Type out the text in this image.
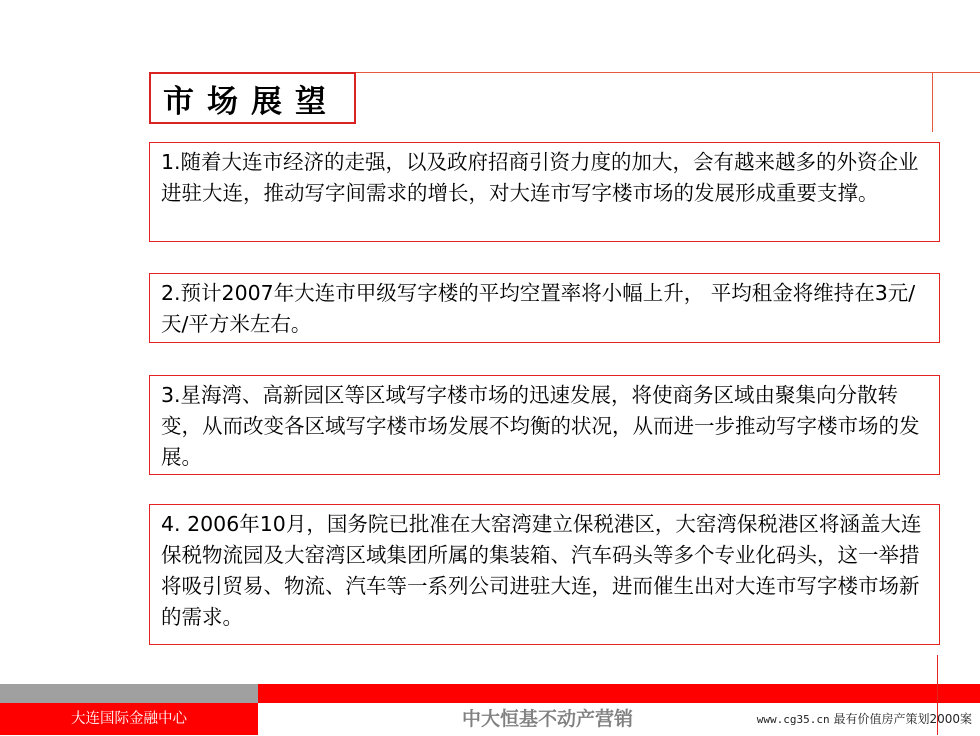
市场展望
1.随着大连市经济的走强，以及政府招商引资力度的加大，会有越来越多的外资企业进驻大连，推动写字间需求的增长，对大连市写字楼市场的发展形成重要支撑。
2.预计2007年大连市甲级写字楼的平均空置率将小幅上升， 平均租金将维持在3元/天/平方米左右。
3.星海湾、高新园区等区域写字楼市场的迅速发展，将使商务区域由聚集向分散转变，从而改变各区域写字楼市场发展不均衡的状况，从而进一步推动写字楼市场的发展。
4. 2006年10月，国务院已批准在大窑湾建立保税港区，大窑湾保税港区将涵盖大连保税物流园及大窑湾区域集团所属的集装箱、汽车码头等多个专业化码头，这一举措将吸引贸易、物流、汽车等一系列公司进驻大连，进而催生出对大连市写字楼市场新的需求。
大连国际金融中心	中大恒基不动产营销	www.cg35.cn 最有价值房产策划2000案
